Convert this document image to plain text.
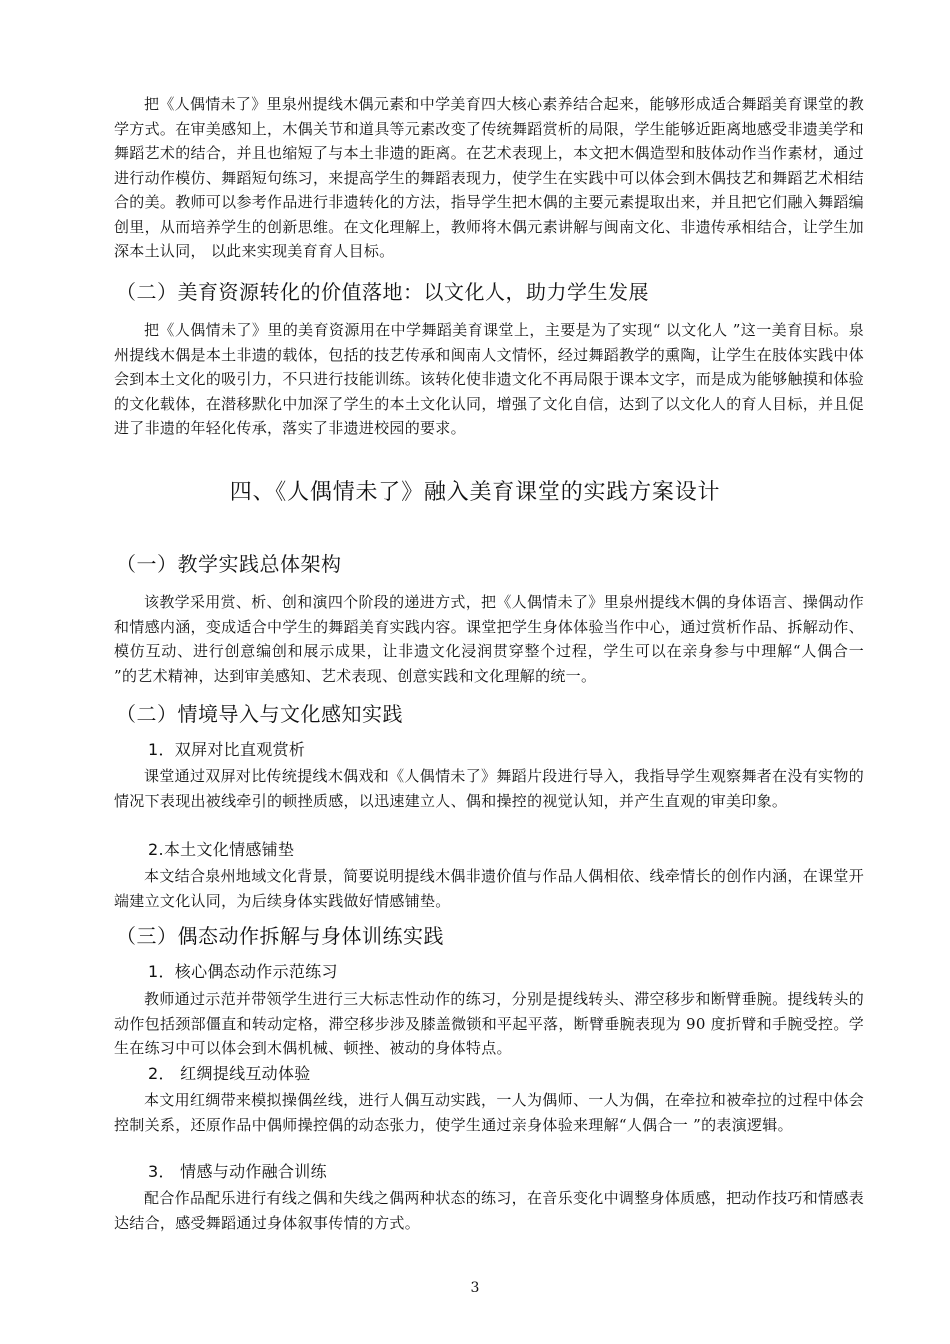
把《人偶情未了》里泉州提线木偶元素和中学美育四大核心素养结合起来，能够形成适合舞蹈美育课堂的教学方式。在审美感知上，木偶关节和道具等元素改变了传统舞蹈赏析的局限，学生能够近距离地感受非遗美学和舞蹈艺术的结合，并且也缩短了与本土非遗的距离。在艺术表现上，本文把木偶造型和肢体动作当作素材，通过进行动作模仿、舞蹈短句练习，来提高学生的舞蹈表现力，使学生在实践中可以体会到木偶技艺和舞蹈艺术相结合的美。教师可以参考作品进行非遗转化的方法，指导学生把木偶的主要元素提取出来，并且把它们融入舞蹈编创里，从而培养学生的创新思维。在文化理解上，教师将木偶元素讲解与闽南文化、非遗传承相结合，让学生加深本土认同， 以此来实现美育育人目标。

（二）美育资源转化的价值落地：以文化人，助力学生发展

把《人偶情未了》里的美育资源用在中学舞蹈美育课堂上，主要是为了实现“ 以文化人 ”这一美育目标。泉州提线木偶是本土非遗的载体，包括的技艺传承和闽南人文情怀，经过舞蹈教学的熏陶，让学生在肢体实践中体会到本土文化的吸引力，不只进行技能训练。该转化使非遗文化不再局限于课本文字，而是成为能够触摸和体验的文化载体，在潜移默化中加深了学生的本土文化认同，增强了文化自信，达到了以文化人的育人目标，并且促进了非遗的年轻化传承，落实了非遗进校园的要求。

四、《人偶情未了》融入美育课堂的实践方案设计
（一）教学实践总体架构

该教学采用赏、析、创和演四个阶段的递进方式，把《人偶情未了》里泉州提线木偶的身体语言、操偶动作和情感内涵，变成适合中学生的舞蹈美育实践内容。课堂把学生身体体验当作中心，通过赏析作品、拆解动作、模仿互动、进行创意编创和展示成果，让非遗文化浸润贯穿整个过程，学生可以在亲身参与中理解“人偶合一 ”的艺术精神，达到审美感知、艺术表现、创意实践和文化理解的统一。

（二）情境导入与文化感知实践
1．双屏对比直观赏析

课堂通过双屏对比传统提线木偶戏和《人偶情未了》舞蹈片段进行导入，我指导学生观察舞者在没有实物的情况下表现出被线牵引的顿挫质感，以迅速建立人、偶和操控的视觉认知，并产生直观的审美印象。

2.本土文化情感铺垫

本文结合泉州地域文化背景，简要说明提线木偶非遗价值与作品人偶相依、线牵情长的创作内涵，在课堂开端建立文化认同，为后续身体实践做好情感铺垫。

（三）偶态动作拆解与身体训练实践
1．核心偶态动作示范练习

教师通过示范并带领学生进行三大标志性动作的练习，分别是提线转头、滞空移步和断臂垂腕。提线转头的动作包括颈部僵直和转动定格，滞空移步涉及膝盖微锁和平起平落，断臂垂腕表现为 90 度折臂和手腕受控。学生在练习中可以体会到木偶机械、顿挫、被动的身体特点。

2． 红绸提线互动体验

本文用红绸带来模拟操偶丝线，进行人偶互动实践，一人为偶师、一人为偶，在牵拉和被牵拉的过程中体会控制关系，还原作品中偶师操控偶的动态张力，使学生通过亲身体验来理解“人偶合一 ”的表演逻辑。

3． 情感与动作融合训练

配合作品配乐进行有线之偶和失线之偶两种状态的练习，在音乐变化中调整身体质感，把动作技巧和情感表达结合，感受舞蹈通过身体叙事传情的方式。

3
